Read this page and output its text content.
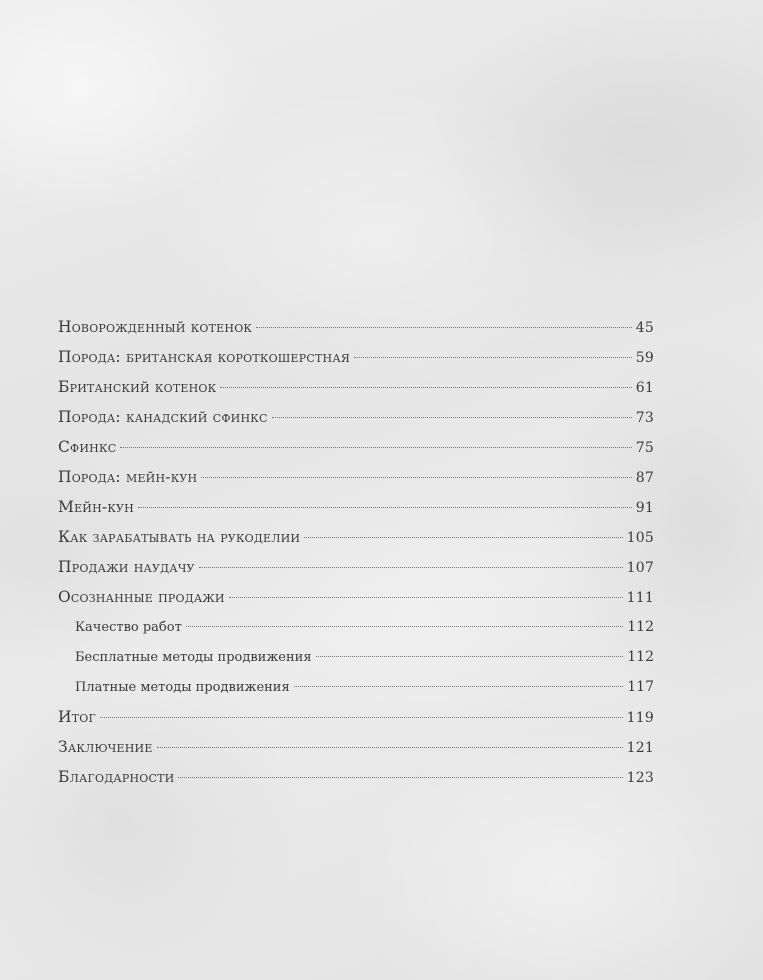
Новорожденный котенок	45
Порода: британская короткошерстная	59
Британский котенок	61
Порода: канадский сфинкс	73
Сфинкс	75
Порода: мейн-кун	87
Мейн-кун	91
Как зарабатывать на рукоделии	105
Продажи наудачу	107
Осознанные продажи	111
Качество работ	112
Бесплатные методы продвижения	112
Платные методы продвижения	117
Итог	119
Заключение	121
Благодарности	123
